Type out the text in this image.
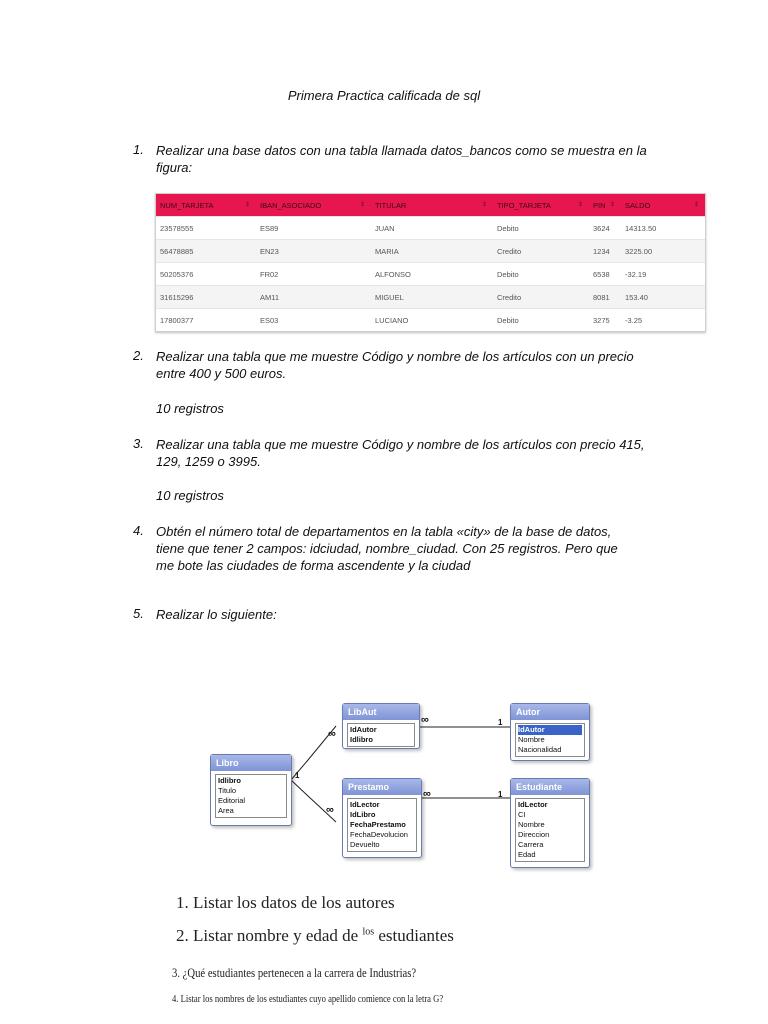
Primera Practica calificada de sql
1. Realizar una base datos con una tabla llamada datos_bancos como se muestra en la
figura:
NUM_TARJETA ⇕	IBAN_ASOCIADO ⇕	TITULAR ⇕	TIPO_TARJETA ⇕	PIN ⇕	SALDO ⇕

23578555	ES89	JUAN	Debito	3624	14313.50
56478885	EN23	MARIA	Credito	1234	3225.00
50205376	FR02	ALFONSO	Debito	6538	-32.19
31615296	AM11	MIGUEL	Credito	8081	153.40
17800377	ES03	LUCIANO	Debito	3275	-3.25
2. Realizar una tabla que me muestre Código y nombre de los artículos con un precio
entre 400 y 500 euros.
10 registros
3. Realizar una tabla que me muestre Código y nombre de los artículos con precio 415,
129, 1259 o 3995.
10 registros
4. Obtén el número total de departamentos en la tabla «city» de la base de datos,
tiene que tener 2 campos: idciudad, nombre_ciudad. Con 25 registros. Pero que
me bote las ciudades de forma ascendente y la ciudad
5. Realizar lo siguiente:
1
∞
∞
∞	1
∞	1
Libro
Idlibro
Titulo
Editorial
Area
LibAut
IdAutor
Idlibro
Autor
IdAutor
Nombre
Nacionalidad
Prestamo
IdLector
IdLibro
FechaPrestamo
FechaDevolucion
Devuelto
Estudiante
IdLector
CI
Nombre
Direccion
Carrera
Edad
1. Listar los datos de los autores
2. Listar nombre y edad de $^{los}$ estudiantes
3. ¿Qué estudiantes pertenecen a la carrera de Industrias?
4. Listar los nombres de los estudiantes cuyo apellido comience con la letra G?
